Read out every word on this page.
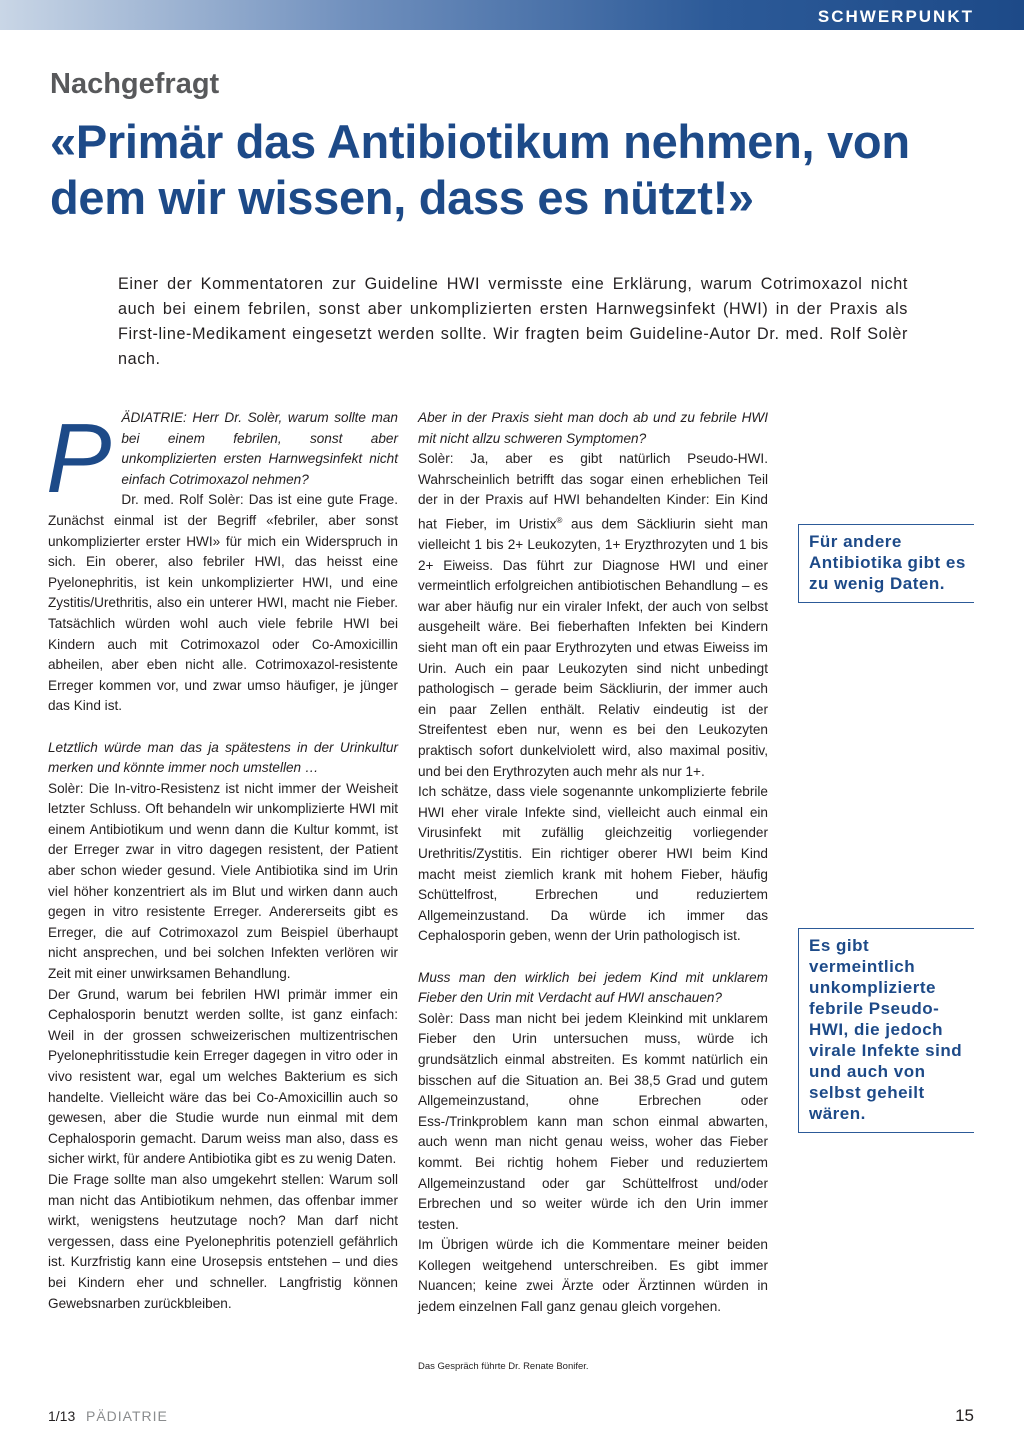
SCHWERPUNKT
Nachgefragt
«Primär das Antibiotikum nehmen, von dem wir wissen, dass es nützt!»
Einer der Kommentatoren zur Guideline HWI vermisste eine Erklärung, warum Cotrimoxazol nicht auch bei einem febrilen, sonst aber unkomplizierten ersten Harnwegsinfekt (HWI) in der Praxis als First-line-Medikament eingesetzt werden sollte. Wir fragten beim Guideline-Autor Dr. med. Rolf Solèr nach.
P ÄDIATRIE: Herr Dr. Solèr, warum sollte man bei einem febrilen, sonst aber unkomplizierten ersten Harnwegsinfekt nicht einfach Cotrimoxazol nehmen?

Dr. med. Rolf Solèr: Das ist eine gute Frage. Zunächst einmal ist der Begriff «febriler, aber sonst unkomplizierter erster HWI» für mich ein Widerspruch in sich. Ein oberer, also febriler HWI, das heisst eine Pyelonephritis, ist kein unkomplizierter HWI, und eine Zystitis/Urethritis, also ein unterer HWI, macht nie Fieber. Tatsächlich würden wohl auch viele febrile HWI bei Kindern auch mit Cotrimoxazol oder Co-Amoxicillin abheilen, aber eben nicht alle. Cotrimoxazol-resistente Erreger kommen vor, und zwar umso häufiger, je jünger das Kind ist.

Letztlich würde man das ja spätestens in der Urinkultur merken und könnte immer noch umstellen …

Solèr: Die In-vitro-Resistenz ist nicht immer der Weisheit letzter Schluss. Oft behandeln wir unkomplizierte HWI mit einem Antibiotikum und wenn dann die Kultur kommt, ist der Erreger zwar in vitro dagegen resistent, der Patient aber schon wieder gesund. Viele Antibiotika sind im Urin viel höher konzentriert als im Blut und wirken dann auch gegen in vitro resistente Erreger. Andererseits gibt es Erreger, die auf Cotrimoxazol zum Beispiel überhaupt nicht ansprechen, und bei solchen Infekten verlören wir Zeit mit einer unwirksamen Behandlung.

Der Grund, warum bei febrilen HWI primär immer ein Cephalosporin benutzt werden sollte, ist ganz einfach: Weil in der grossen schweizerischen multizentrischen Pyelonephritisstudie kein Erreger dagegen in vitro oder in vivo resistent war, egal um welches Bakterium es sich handelte. Vielleicht wäre das bei Co-Amoxicillin auch so gewesen, aber die Studie wurde nun einmal mit dem Cephalosporin gemacht. Darum weiss man also, dass es sicher wirkt, für andere Antibiotika gibt es zu wenig Daten.

Die Frage sollte man also umgekehrt stellen: Warum soll man nicht das Antibiotikum nehmen, das offenbar immer wirkt, wenigstens heutzutage noch? Man darf nicht vergessen, dass eine Pyelonephritis potenziell gefährlich ist. Kurzfristig kann eine Urosepsis entstehen – und dies bei Kindern eher und schneller. Langfristig können Gewebsnarben zurückbleiben.

Aber in der Praxis sieht man doch ab und zu febrile HWI mit nicht allzu schweren Symptomen?

Solèr: Ja, aber es gibt natürlich Pseudo-HWI. Wahrscheinlich betrifft das sogar einen erheblichen Teil der in der Praxis auf HWI behandelten Kinder: Ein Kind hat Fieber, im Uristix® aus dem Säckliurin sieht man vielleicht 1 bis 2+ Leukozyten, 1+ Eryzthrozyten und 1 bis 2+ Eiweiss. Das führt zur Diagnose HWI und einer vermeintlich erfolgreichen antibiotischen Behandlung – es war aber häufig nur ein viraler Infekt, der auch von selbst ausgeheilt wäre. Bei fieberhaften Infekten bei Kindern sieht man oft ein paar Erythrozyten und etwas Eiweiss im Urin. Auch ein paar Leukozyten sind nicht unbedingt pathologisch – gerade beim Säckliurin, der immer auch ein paar Zellen enthält. Relativ eindeutig ist der Streifentest eben nur, wenn es bei den Leukozyten praktisch sofort dunkelviolett wird, also maximal positiv, und bei den Erythrozyten auch mehr als nur 1+.

Ich schätze, dass viele sogenannte unkomplizierte febrile HWI eher virale Infekte sind, vielleicht auch einmal ein Virusinfekt mit zufällig gleichzeitig vorliegender Urethritis/Zystitis. Ein richtiger oberer HWI beim Kind macht meist ziemlich krank mit hohem Fieber, häufig Schüttelfrost, Erbrechen und reduziertem Allgemeinzustand. Da würde ich immer das Cephalosporin geben, wenn der Urin pathologisch ist.

Muss man den wirklich bei jedem Kind mit unklarem Fieber den Urin mit Verdacht auf HWI anschauen?

Solèr: Dass man nicht bei jedem Kleinkind mit unklarem Fieber den Urin untersuchen muss, würde ich grundsätzlich einmal abstreiten. Es kommt natürlich ein bisschen auf die Situation an. Bei 38,5 Grad und gutem Allgemeinzustand, ohne Erbrechen oder Ess-/Trinkproblem kann man schon einmal abwarten, auch wenn man nicht genau weiss, woher das Fieber kommt. Bei richtig hohem Fieber und reduziertem Allgemeinzustand oder gar Schüttelfrost und/oder Erbrechen und so weiter würde ich den Urin immer testen.

Im Übrigen würde ich die Kommentare meiner beiden Kollegen weitgehend unterschreiben. Es gibt immer Nuancen; keine zwei Ärzte oder Ärztinnen würden in jedem einzelnen Fall ganz genau gleich vorgehen.

Das Gespräch führte Dr. Renate Bonifer.
Für andere Antibiotika gibt es zu wenig Daten.
Es gibt vermeintlich unkomplizierte febrile Pseudo-HWI, die jedoch virale Infekte sind und auch von selbst geheilt wären.
1/13 PÄDIATRIE	15
